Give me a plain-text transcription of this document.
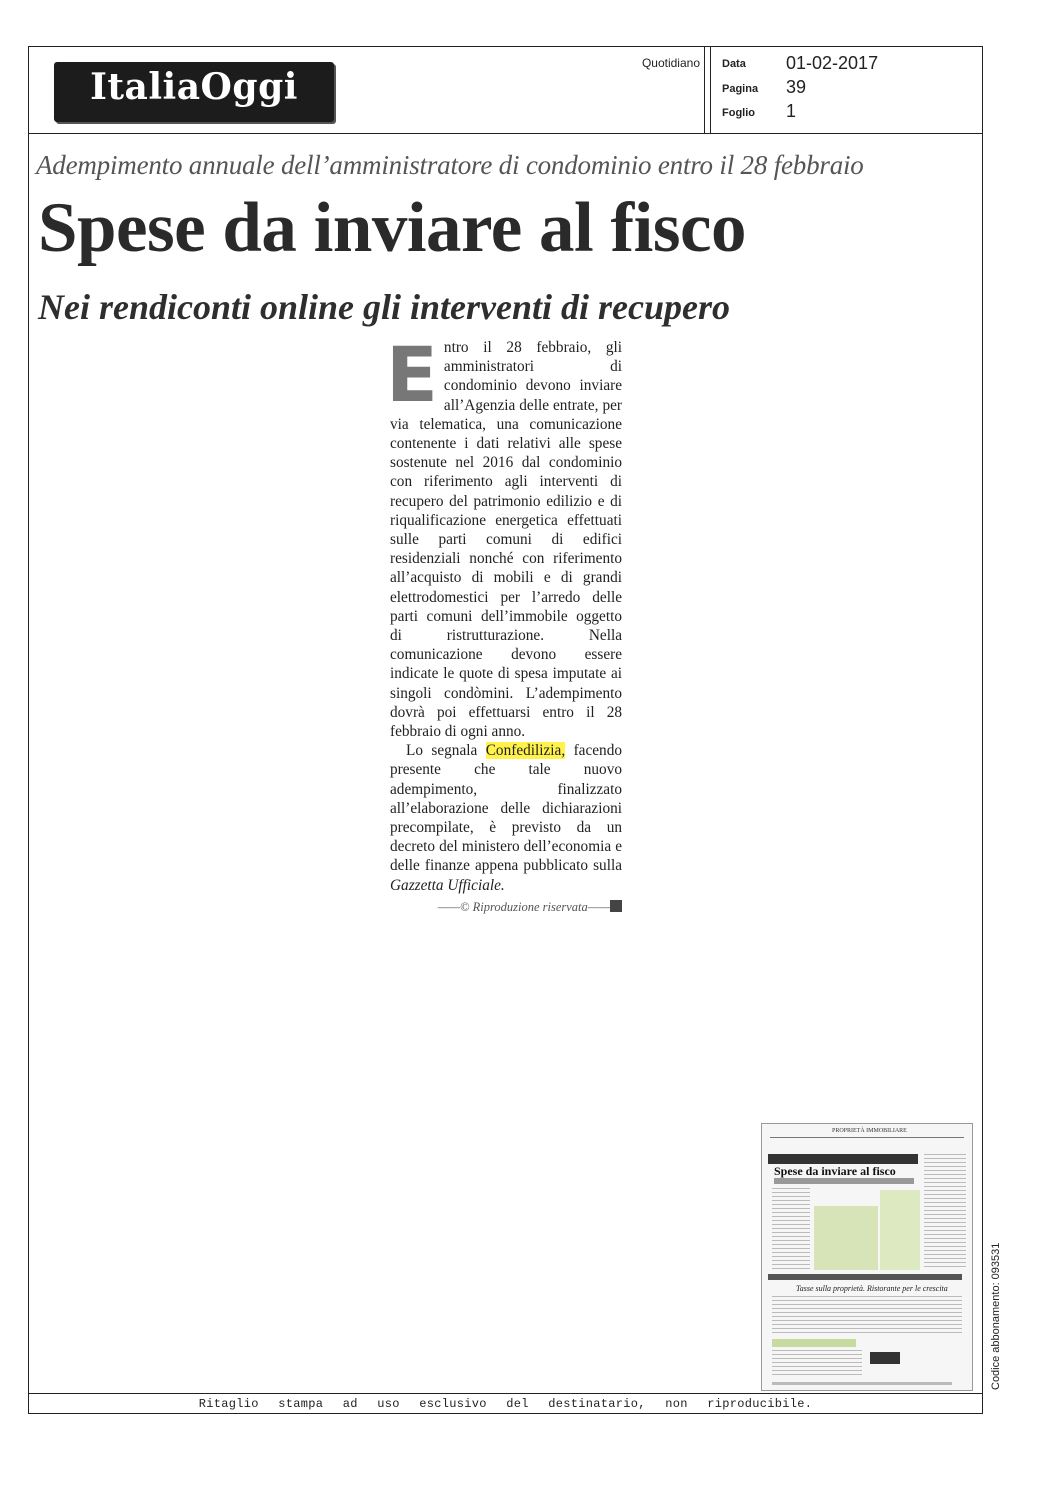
ItaliaOggi
Quotidiano Data 01-02-2017
Pagina 39
Foglio 1
Adempimento annuale dell’amministratore di condominio entro il 28 febbraio
Spese da inviare al fisco
Nei rendiconti online gli interventi di recupero

Entro il 28 febbraio, gli amministratori di condominio devono inviare all’Agenzia delle entrate, per via telematica, una comunicazione contenente i dati relativi alle spese sostenute nel 2016 dal condominio con riferimento agli interventi di recupero del patrimonio edilizio e di riqualificazione energetica effettuati sulle parti comuni di edifici residenziali nonché con riferimento all’acquisto di mobili e di grandi elettrodomestici per l’arredo delle parti comuni dell’immobile oggetto di ristrutturazione. Nella comunicazione devono essere indicate le quote di spesa imputate ai singoli condòmini. L’adempimento dovrà poi effettuarsi entro il 28 febbraio di ogni anno.

Lo segnala Confedilizia, facendo presente che tale nuovo adempimento, finalizzato all’elaborazione delle dichiarazioni precompilate, è previsto da un decreto del ministero dell’economia e delle finanze appena pubblicato sulla Gazzetta Ufficiale.

——© Riproduzione riservata——
PROPRIETÀ IMMOBILIARE
Spese da inviare al fisco
Tasse sulla proprietà. Ristorante per le crescita	Codice abbonamento: 093531
Ritaglio stampa ad uso esclusivo del destinatario, non riproducibile.
